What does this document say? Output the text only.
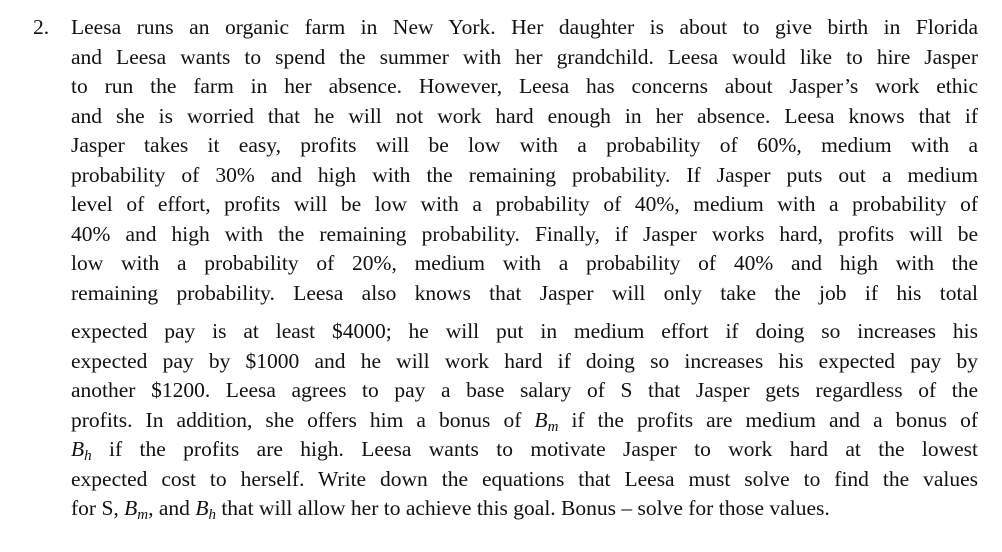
2. Leesa runs an organic farm in New York. Her daughter is about to give birth in Florida
and Leesa wants to spend the summer with her grandchild. Leesa would like to hire Jasper
to run the farm in her absence. However, Leesa has concerns about Jasper’s work ethic
and she is worried that he will not work hard enough in her absence. Leesa knows that if
Jasper takes it easy, profits will be low with a probability of 60%, medium with a
probability of 30% and high with the remaining probability. If Jasper puts out a medium
level of effort, profits will be low with a probability of 40%, medium with a probability of
40% and high with the remaining probability. Finally, if Jasper works hard, profits will be
low with a probability of 20%, medium with a probability of 40% and high with the
remaining probability. Leesa also knows that Jasper will only take the job if his total
expected pay is at least $4000; he will put in medium effort if doing so increases his
expected pay by $1000 and he will work hard if doing so increases his expected pay by
another $1200. Leesa agrees to pay a base salary of S that Jasper gets regardless of the
profits. In addition, she offers him a bonus of $B_m$ if the profits are medium and a bonus of
$B_h$ if the profits are high. Leesa wants to motivate Jasper to work hard at the lowest
expected cost to herself. Write down the equations that Leesa must solve to find the values
for S, $B_m$, and $B_h$ that will allow her to achieve this goal. Bonus – solve for those values.
